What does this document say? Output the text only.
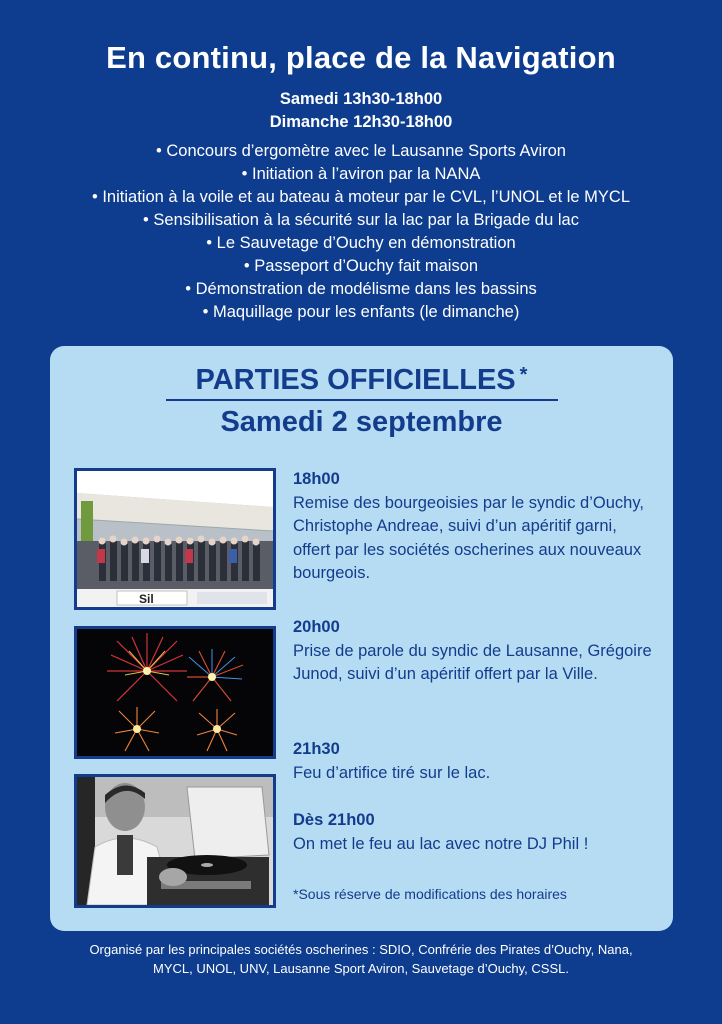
En continu, place de la Navigation
Samedi 13h30-18h00
Dimanche 12h30-18h00
• Concours d’ergomètre avec le Lausanne Sports Aviron
• Initiation à l’aviron par la NANA
• Initiation à la voile et au bateau à moteur par le CVL, l’UNOL et le MYCL
• Sensibilisation à la sécurité sur la lac par la Brigade du lac
• Le Sauvetage d’Ouchy en démonstration
• Passeport d’Ouchy fait maison
• Démonstration de modélisme dans les bassins
• Maquillage pour les enfants (le dimanche)
PARTIES OFFICIELLES *
Samedi 2 septembre
Sil
18h00
Remise des bourgeoisies par le syndic d’Ouchy, Christophe Andreae, suivi d’un apéritif garni, offert par les sociétés oscherines aux nouveaux bourgeois.
20h00
Prise de parole du syndic de Lausanne, Grégoire Junod, suivi d’un apéritif offert par la Ville.
21h30
Feu d’artifice tiré sur le lac.
Dès 21h00
On met le feu au lac avec notre DJ Phil !
*Sous réserve de modifications des horaires
Organisé par les principales sociétés oscherines : SDIO, Confrérie des Pirates d’Ouchy, Nana,
MYCL, UNOL, UNV, Lausanne Sport Aviron, Sauvetage d’Ouchy, CSSL.
